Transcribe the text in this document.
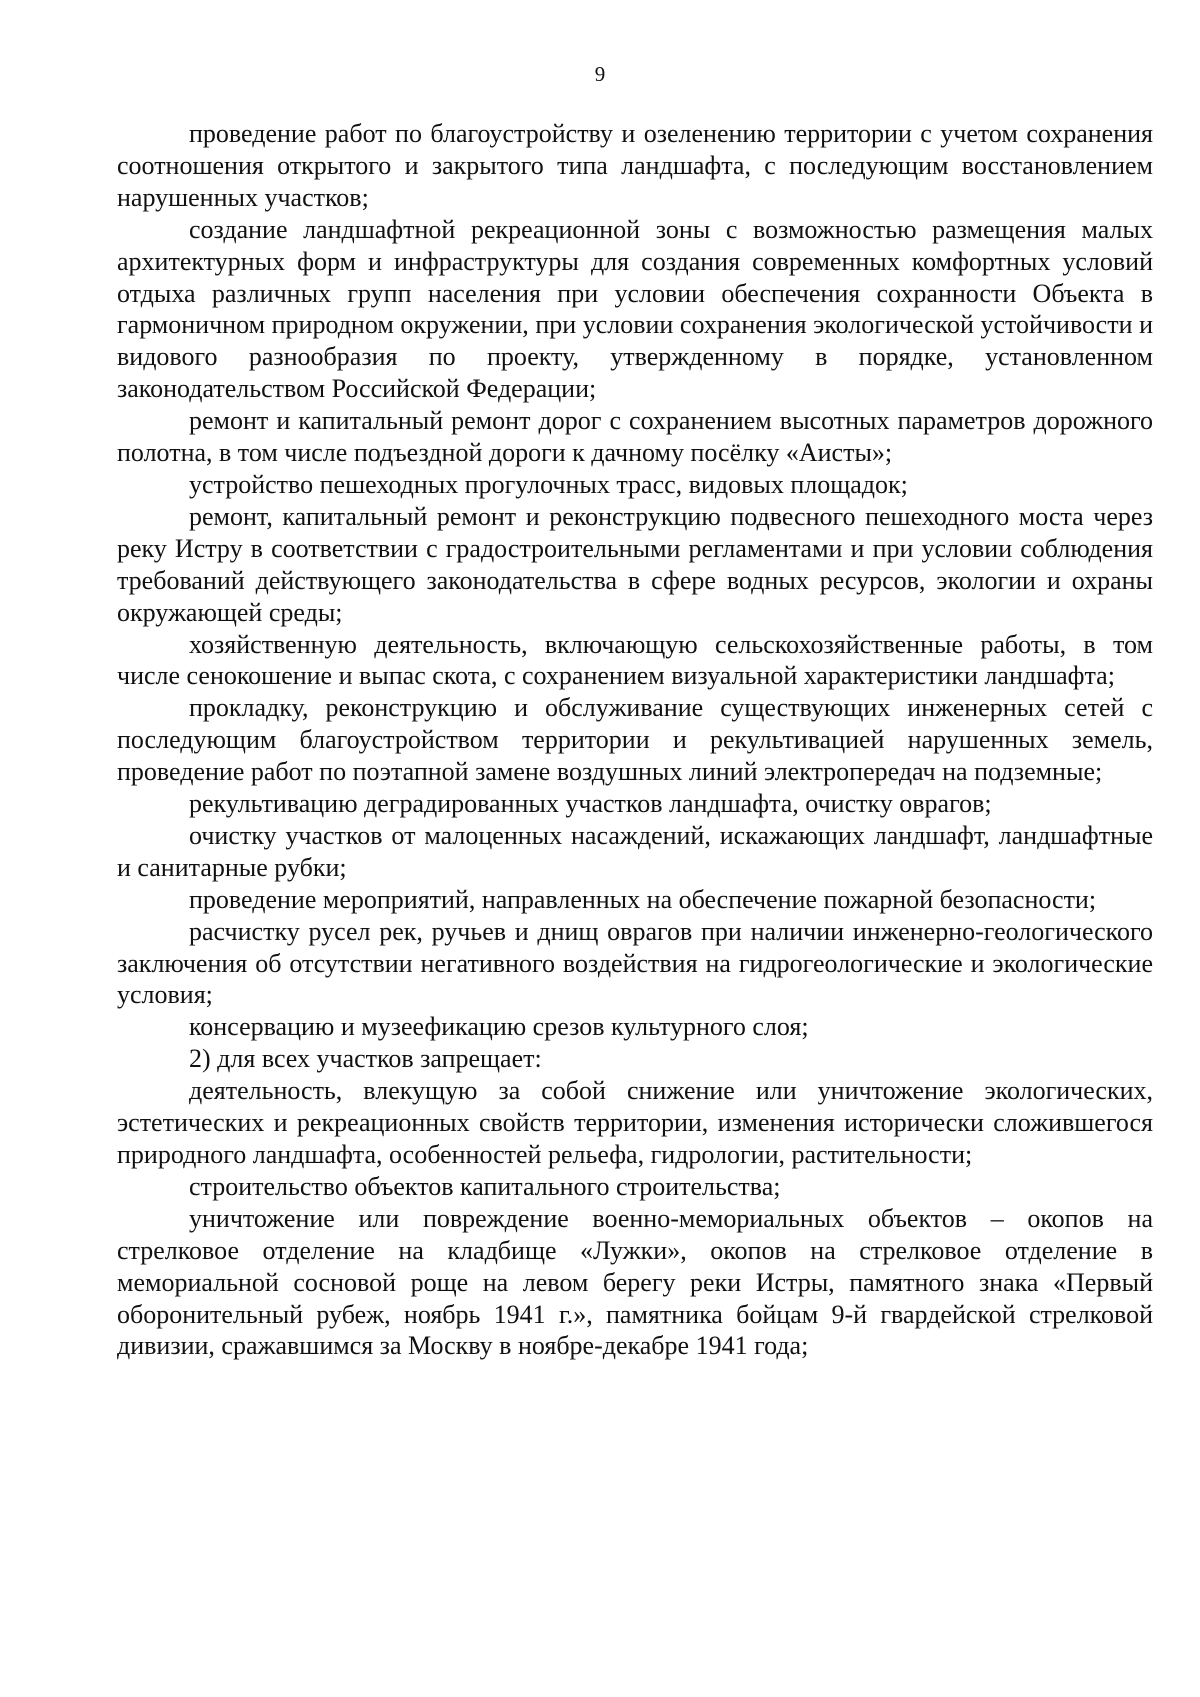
9

проведение работ по благоустройству и озеленению территории с учетом сохранения соотношения открытого и закрытого типа ландшафта, с последующим восстановлением нарушенных участков;

создание ландшафтной рекреационной зоны с возможностью размещения малых архитектурных форм и инфраструктуры для создания современных комфортных условий отдыха различных групп населения при условии обеспечения сохранности Объекта в гармоничном природном окружении, при условии сохранения экологической устойчивости и видового разнообразия по проекту, утвержденному в порядке, установленном законодательством Российской Федерации;

ремонт и капитальный ремонт дорог с сохранением высотных параметров дорожного полотна, в том числе подъездной дороги к дачному посёлку «Аисты»;

устройство пешеходных прогулочных трасс, видовых площадок;

ремонт, капитальный ремонт и реконструкцию подвесного пешеходного моста через реку Истру в соответствии с градостроительными регламентами и при условии соблюдения требований действующего законодательства в сфере водных ресурсов, экологии и охраны окружающей среды;

хозяйственную деятельность, включающую сельскохозяйственные работы, в том числе сенокошение и выпас скота, с сохранением визуальной характеристики ландшафта;

прокладку, реконструкцию и обслуживание существующих инженерных сетей с последующим благоустройством территории и рекультивацией нарушенных земель, проведение работ по поэтапной замене воздушных линий электропередач на подземные;

рекультивацию деградированных участков ландшафта, очистку оврагов;

очистку участков от малоценных насаждений, искажающих ландшафт, ландшафтные и санитарные рубки;

проведение мероприятий, направленных на обеспечение пожарной безопасности;

расчистку русел рек, ручьев и днищ оврагов при наличии инженерно-геологического заключения об отсутствии негативного воздействия на гидрогеологические и экологические условия;

консервацию и музеефикацию срезов культурного слоя;

2) для всех участков запрещает:

деятельность, влекущую за собой снижение или уничтожение экологических, эстетических и рекреационных свойств территории, изменения исторически сложившегося природного ландшафта, особенностей рельефа, гидрологии, растительности;

строительство объектов капитального строительства;

уничтожение или повреждение военно-мемориальных объектов – окопов на стрелковое отделение на кладбище «Лужки», окопов на стрелковое отделение в мемориальной сосновой роще на левом берегу реки Истры, памятного знака «Первый оборонительный рубеж, ноябрь 1941 г.», памятника бойцам 9-й гвардейской стрелковой дивизии, сражавшимся за Москву в ноябре-декабре 1941 года;
